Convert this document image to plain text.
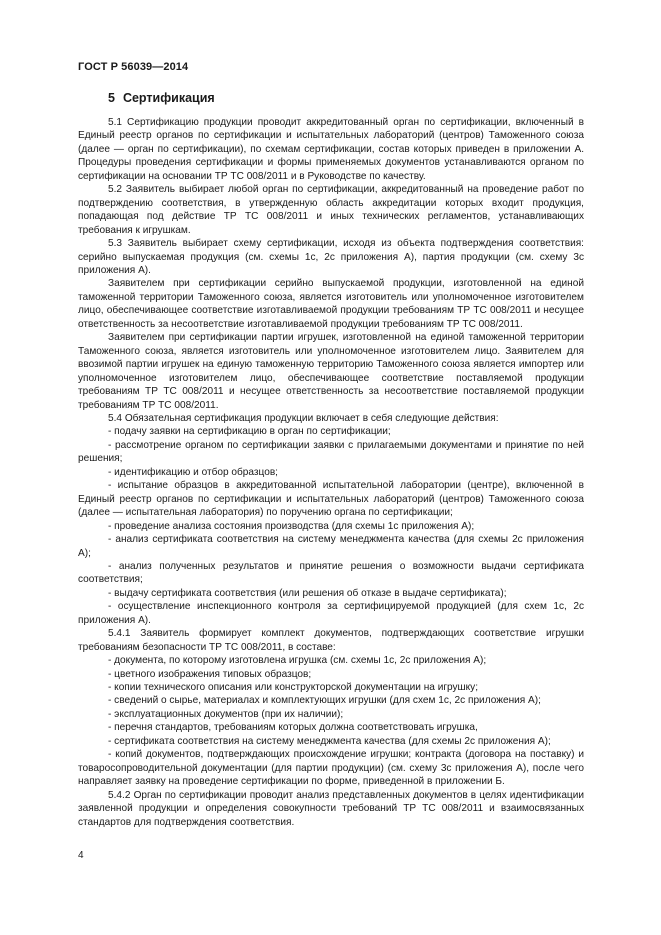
ГОСТ Р 56039—2014
5 Сертификация

5.1 Сертификацию продукции проводит аккредитованный орган по сертификации, включенный в Единый реестр органов по сертификации и испытательных лабораторий (центров) Таможенного союза (далее — орган по сертификации), по схемам сертификации, состав которых приведен в приложении А. Процедуры проведения сертификации и формы применяемых документов устанавливаются органом по сертификации на основании ТР ТС 008/2011 и в Руководстве по качеству.

5.2 Заявитель выбирает любой орган по сертификации, аккредитованный на проведение работ по подтверждению соответствия, в утвержденную область аккредитации которых входит продукция, попадающая под действие ТР ТС 008/2011 и иных технических регламентов, устанавливающих требования к игрушкам.

5.3 Заявитель выбирает схему сертификации, исходя из объекта подтверждения соответствия: серийно выпускаемая продукция (см. схемы 1с, 2с приложения А), партия продукции (см. схему 3с приложения А).

Заявителем при сертификации серийно выпускаемой продукции, изготовленной на единой таможенной территории Таможенного союза, является изготовитель или уполномоченное изготовителем лицо, обеспечивающее соответствие изготавливаемой продукции требованиям ТР ТС 008/2011 и несущее ответственность за несоответствие изготавливаемой продукции требованиям ТР ТС 008/2011.

Заявителем при сертификации партии игрушек, изготовленной на единой таможенной территории Таможенного союза, является изготовитель или уполномоченное изготовителем лицо. Заявителем для ввозимой партии игрушек на единую таможенную территорию Таможенного союза является импортер или уполномоченное изготовителем лицо, обеспечивающее соответствие поставляемой продукции требованиям ТР ТС 008/2011 и несущее ответственность за несоответствие поставляемой продукции требованиям ТР ТС 008/2011.

5.4 Обязательная сертификация продукции включает в себя следующие действия:

- подачу заявки на сертификацию в орган по сертификации;

- рассмотрение органом по сертификации заявки с прилагаемыми документами и принятие по ней решения;

- идентификацию и отбор образцов;

- испытание образцов в аккредитованной испытательной лаборатории (центре), включенной в Единый реестр органов по сертификации и испытательных лабораторий (центров) Таможенного союза (далее — испытательная лаборатория) по поручению органа по сертификации;

- проведение анализа состояния производства (для схемы 1с приложения А);

- анализ сертификата соответствия на систему менеджмента качества (для схемы 2с приложения А);

- анализ полученных результатов и принятие решения о возможности выдачи сертификата соответствия;

- выдачу сертификата соответствия (или решения об отказе в выдаче сертификата);

- осуществление инспекционного контроля за сертифицируемой продукцией (для схем 1с, 2с приложения А).

5.4.1 Заявитель формирует комплект документов, подтверждающих соответствие игрушки требованиям безопасности ТР ТС 008/2011, в составе:

- документа, по которому изготовлена игрушка (см. схемы 1с, 2с приложения А);

- цветного изображения типовых образцов;

- копии технического описания или конструкторской документации на игрушку;

- сведений о сырье, материалах и комплектующих игрушки (для схем 1с, 2с приложения А);

- эксплуатационных документов (при их наличии);

- перечня стандартов, требованиям которых должна соответствовать игрушка,

- сертификата соответствия на систему менеджмента качества (для схемы 2с приложения А);

- копий документов, подтверждающих происхождение игрушки; контракта (договора на поставку) и товаросопроводительной документации (для партии продукции) (см. схему 3с приложения А), после чего направляет заявку на проведение сертификации по форме, приведенной в приложении Б.

5.4.2 Орган по сертификации проводит анализ представленных документов в целях идентификации заявленной продукции и определения совокупности требований ТР ТС 008/2011 и взаимосвязанных стандартов для подтверждения соответствия.

4
